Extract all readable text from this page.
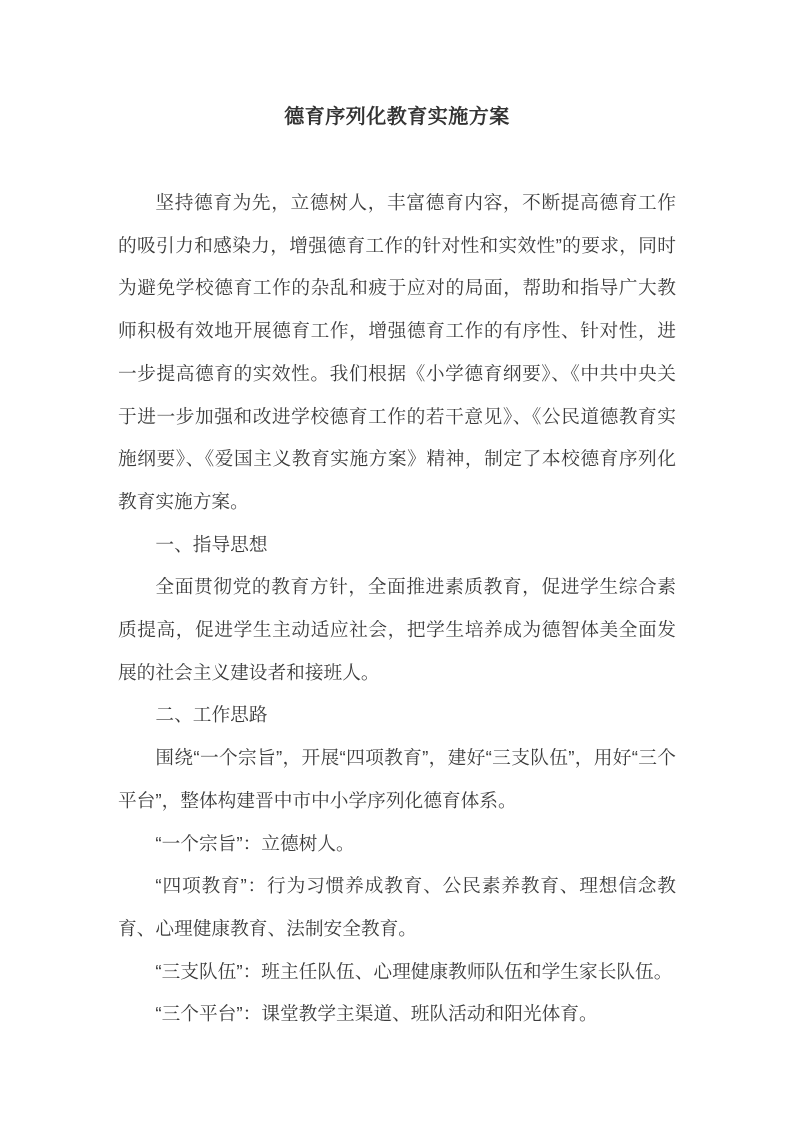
德育序列化教育实施方案

坚持德育为先，立德树人，丰富德育内容，不断提高德育工作的吸引力和感染力，增强德育工作的针对性和实效性”的要求，同时为避免学校德育工作的杂乱和疲于应对的局面，帮助和指导广大教师积极有效地开展德育工作，增强德育工作的有序性、针对性，进一步提高德育的实效性。我们根据《小学德育纲要》、《中共中央关于进一步加强和改进学校德育工作的若干意见》、《公民道德教育实施纲要》、《爱国主义教育实施方案》精神，制定了本校德育序列化教育实施方案。

一、指导思想

全面贯彻党的教育方针，全面推进素质教育，促进学生综合素质提高，促进学生主动适应社会，把学生培养成为德智体美全面发展的社会主义建设者和接班人。

二、工作思路

围绕“一个宗旨”，开展“四项教育”，建好“三支队伍”，用好“三个平台”，整体构建晋中市中小学序列化德育体系。

“一个宗旨”：立德树人。

“四项教育”：行为习惯养成教育、公民素养教育、理想信念教育、心理健康教育、法制安全教育。

“三支队伍”：班主任队伍、心理健康教师队伍和学生家长队伍。

“三个平台”：课堂教学主渠道、班队活动和阳光体育。
